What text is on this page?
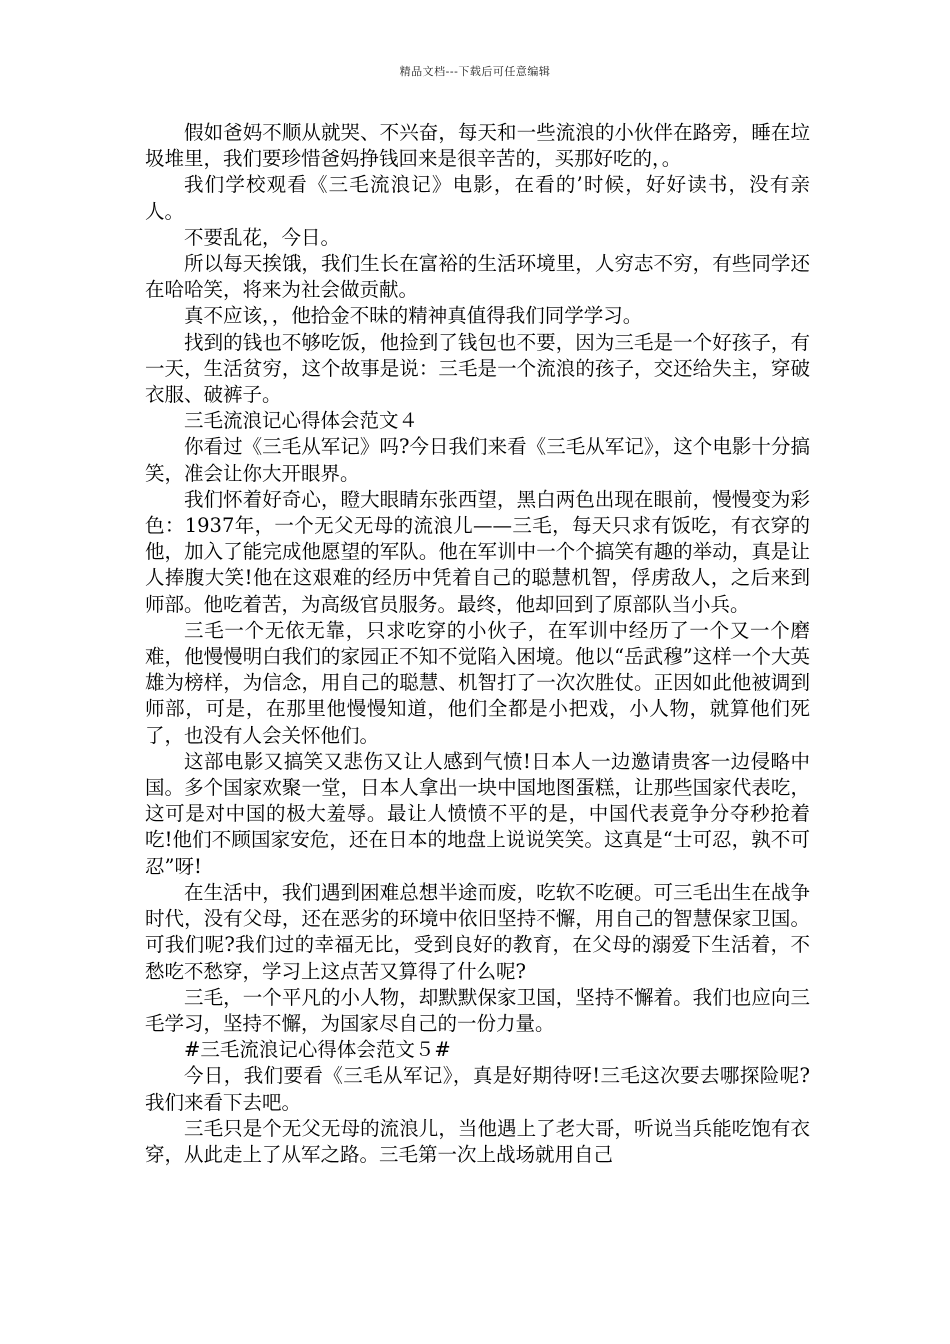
精品文档---下载后可任意编辑

假如爸妈不顺从就哭、不兴奋，每天和一些流浪的小伙伴在路旁，睡在垃圾堆里，我们要珍惜爸妈挣钱回来是很辛苦的，买那好吃的，。

我们学校观看《三毛流浪记》电影，在看的’时候，好好读书，没有亲人。

不要乱花，今日。

所以每天挨饿，我们生长在富裕的生活环境里，人穷志不穷，有些同学还在哈哈笑，将来为社会做贡献。

真不应该，，他拾金不昧的精神真值得我们同学学习。

找到的钱也不够吃饭，他捡到了钱包也不要，因为三毛是一个好孩子，有一天，生活贫穷，这个故事是说：三毛是一个流浪的孩子，交还给失主，穿破衣服、破裤子。

三毛流浪记心得体会范文４

你看过《三毛从军记》吗?今日我们来看《三毛从军记》，这个电影十分搞笑，准会让你大开眼界。

我们怀着好奇心，瞪大眼睛东张西望，黑白两色出现在眼前，慢慢变为彩色：1937年，一个无父无母的流浪儿——三毛，每天只求有饭吃，有衣穿的他，加入了能完成他愿望的军队。他在军训中一个个搞笑有趣的举动，真是让人捧腹大笑!他在这艰难的经历中凭着自己的聪慧机智，俘虏敌人，之后来到师部。他吃着苦，为高级官员服务。最终，他却回到了原部队当小兵。

三毛一个无依无靠，只求吃穿的小伙子，在军训中经历了一个又一个磨难，他慢慢明白我们的家园正不知不觉陷入困境。他以“岳武穆”这样一个大英雄为榜样，为信念，用自己的聪慧、机智打了一次次胜仗。正因如此他被调到师部，可是，在那里他慢慢知道，他们全都是小把戏，小人物，就算他们死了，也没有人会关怀他们。

这部电影又搞笑又悲伤又让人感到气愤!日本人一边邀请贵客一边侵略中国。多个国家欢聚一堂，日本人拿出一块中国地图蛋糕，让那些国家代表吃，这可是对中国的极大羞辱。最让人愤愤不平的是，中国代表竟争分夺秒抢着吃!他们不顾国家安危，还在日本的地盘上说说笑笑。这真是“士可忍，孰不可忍”呀!

在生活中，我们遇到困难总想半途而废，吃软不吃硬。可三毛出生在战争时代，没有父母，还在恶劣的环境中依旧坚持不懈，用自己的智慧保家卫国。可我们呢?我们过的幸福无比，受到良好的教育，在父母的溺爱下生活着，不愁吃不愁穿，学习上这点苦又算得了什么呢?

三毛，一个平凡的小人物，却默默保家卫国，坚持不懈着。我们也应向三毛学习，坚持不懈，为国家尽自己的一份力量。

#三毛流浪记心得体会范文５#

今日，我们要看《三毛从军记》，真是好期待呀!三毛这次要去哪探险呢?我们来看下去吧。

三毛只是个无父无母的流浪儿，当他遇上了老大哥，听说当兵能吃饱有衣穿，从此走上了从军之路。三毛第一次上战场就用自己
